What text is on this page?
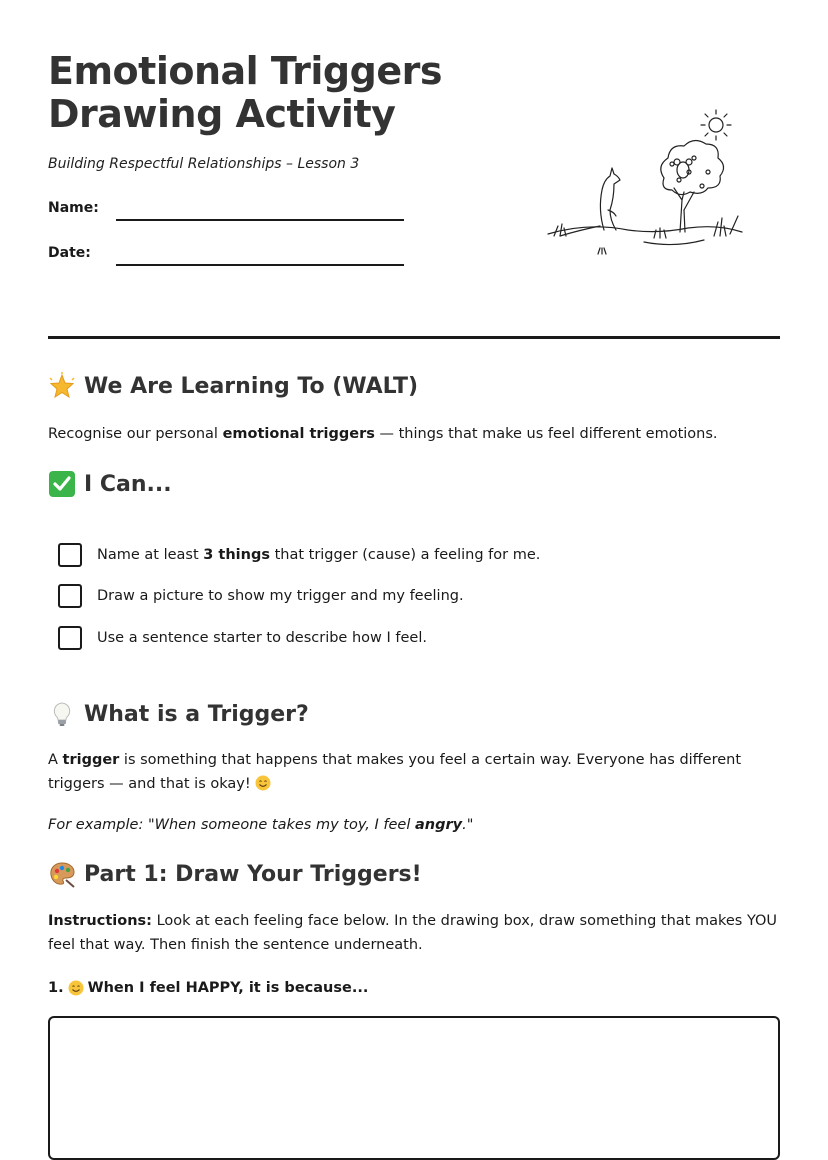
Emotional Triggers
Drawing Activity
Building Respectful Relationships – Lesson 3
Name:
Date:
We Are Learning To (WALT)

Recognise our personal emotional triggers — things that make us feel different emotions.

I Can...
Name at least 3 things that trigger (cause) a feeling for me.
Draw a picture to show my trigger and my feeling.
Use a sentence starter to describe how I feel.
What is a Trigger?

A trigger is something that happens that makes you feel a certain way. Everyone has different triggers — and that is okay!

For example: "When someone takes my toy, I feel angry."

Part 1: Draw Your Triggers!

Instructions: Look at each feeling face below. In the drawing box, draw something that makes YOU feel that way. Then finish the sentence underneath.

1. When I feel HAPPY, it is because...
